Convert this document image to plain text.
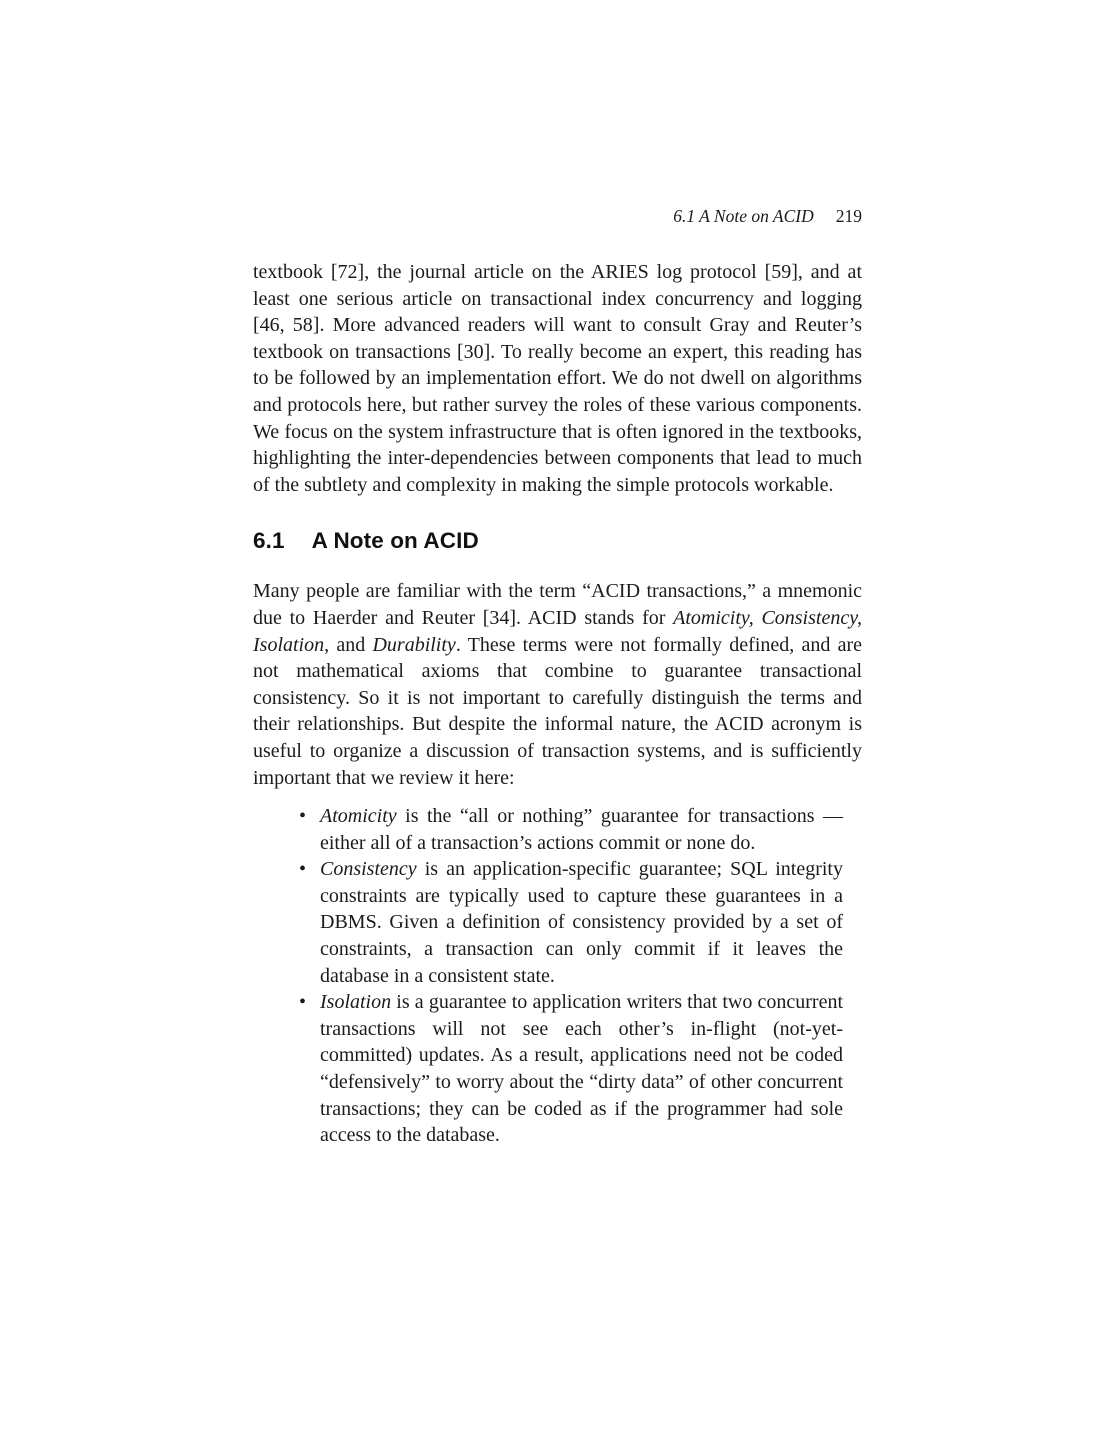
6.1 A Note on ACID 219

textbook [72], the journal article on the ARIES log protocol [59], and at least one serious article on transactional index concurrency and logging [46, 58]. More advanced readers will want to consult Gray and Reuter’s textbook on transactions [30]. To really become an expert, this reading has to be followed by an implementation effort. We do not dwell on algorithms and protocols here, but rather survey the roles of these various components. We focus on the system infrastructure that is often ignored in the textbooks, highlighting the inter-dependencies between components that lead to much of the subtlety and complexity in making the simple protocols workable.

6.1 A Note on ACID

Many people are familiar with the term “ACID transactions,” a mnemonic due to Haerder and Reuter [34]. ACID stands for Atomicity, Consistency, Isolation, and Durability. These terms were not formally defined, and are not mathematical axioms that combine to guarantee transactional consistency. So it is not important to carefully distinguish the terms and their relationships. But despite the informal nature, the ACID acronym is useful to organize a discussion of transaction systems, and is sufficiently important that we review it here:

• Atomicity is the “all or nothing” guarantee for transactions — either all of a transaction’s actions commit or none do.
• Consistency is an application-specific guarantee; SQL integrity constraints are typically used to capture these guarantees in a DBMS. Given a definition of consistency provided by a set of constraints, a transaction can only commit if it leaves the database in a consistent state.
• Isolation is a guarantee to application writers that two concurrent transactions will not see each other’s in-flight (not-yet-committed) updates. As a result, applications need not be coded “defensively” to worry about the “dirty data” of other concurrent transactions; they can be coded as if the programmer had sole access to the database.
